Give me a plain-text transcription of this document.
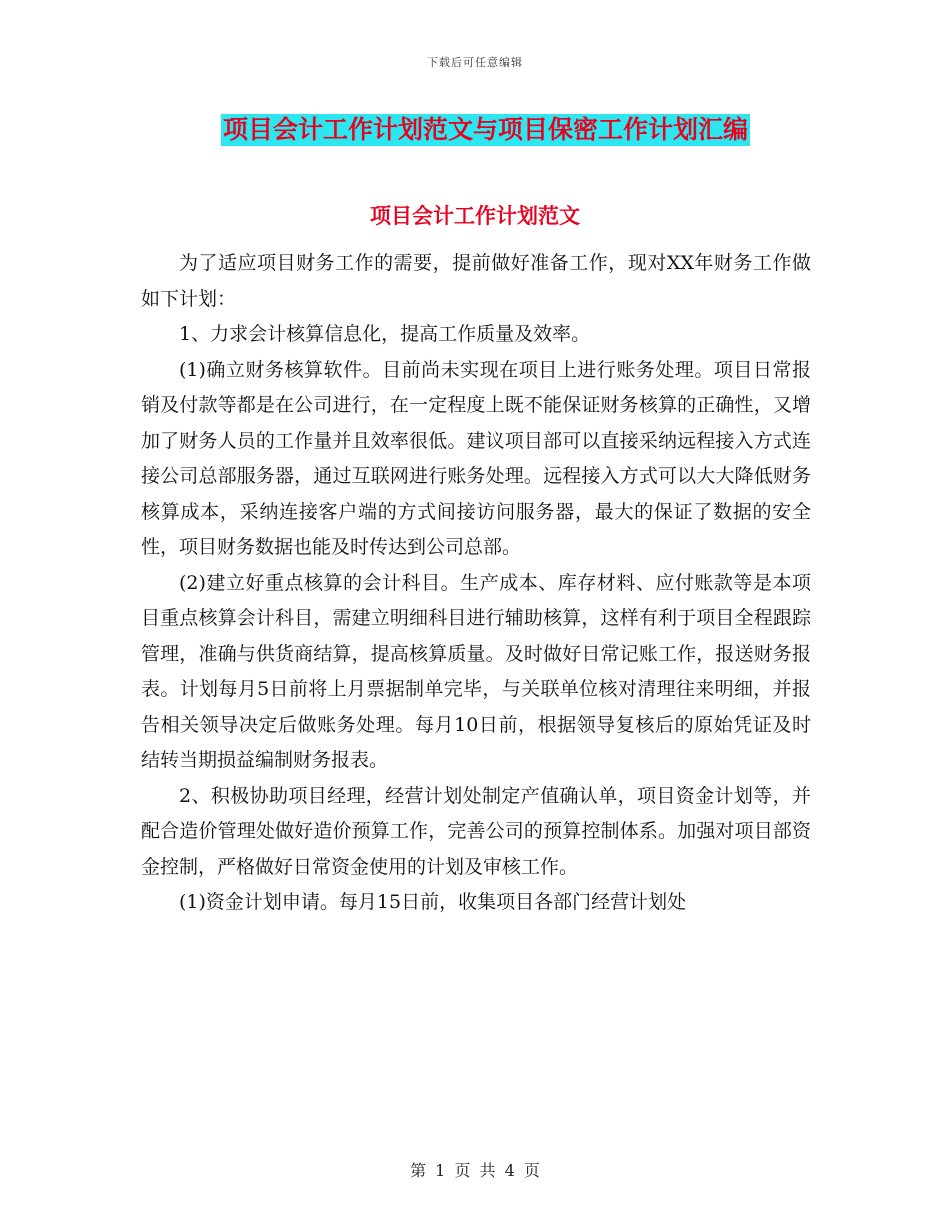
下载后可任意编辑
项目会计工作计划范文与项目保密工作计划汇编
项目会计工作计划范文

为了适应项目财务工作的需要，提前做好准备工作，现对XX年财务工作做如下计划：

1、力求会计核算信息化，提高工作质量及效率。

(1)确立财务核算软件。目前尚未实现在项目上进行账务处理。项目日常报销及付款等都是在公司进行，在一定程度上既不能保证财务核算的正确性，又增加了财务人员的工作量并且效率很低。建议项目部可以直接采纳远程接入方式连接公司总部服务器，通过互联网进行账务处理。远程接入方式可以大大降低财务核算成本，采纳连接客户端的方式间接访问服务器，最大的保证了数据的安全性，项目财务数据也能及时传达到公司总部。

(2)建立好重点核算的会计科目。生产成本、库存材料、应付账款等是本项目重点核算会计科目，需建立明细科目进行辅助核算，这样有利于项目全程跟踪管理，准确与供货商结算，提高核算质量。及时做好日常记账工作，报送财务报表。计划每月5日前将上月票据制单完毕，与关联单位核对清理往来明细，并报告相关领导决定后做账务处理。每月10日前，根据领导复核后的原始凭证及时结转当期损益编制财务报表。

2、积极协助项目经理，经营计划处制定产值确认单，项目资金计划等，并配合造价管理处做好造价预算工作，完善公司的预算控制体系。加强对项目部资金控制，严格做好日常资金使用的计划及审核工作。

(1)资金计划申请。每月15日前，收集项目各部门经营计划处

第 1 页 共 4 页
